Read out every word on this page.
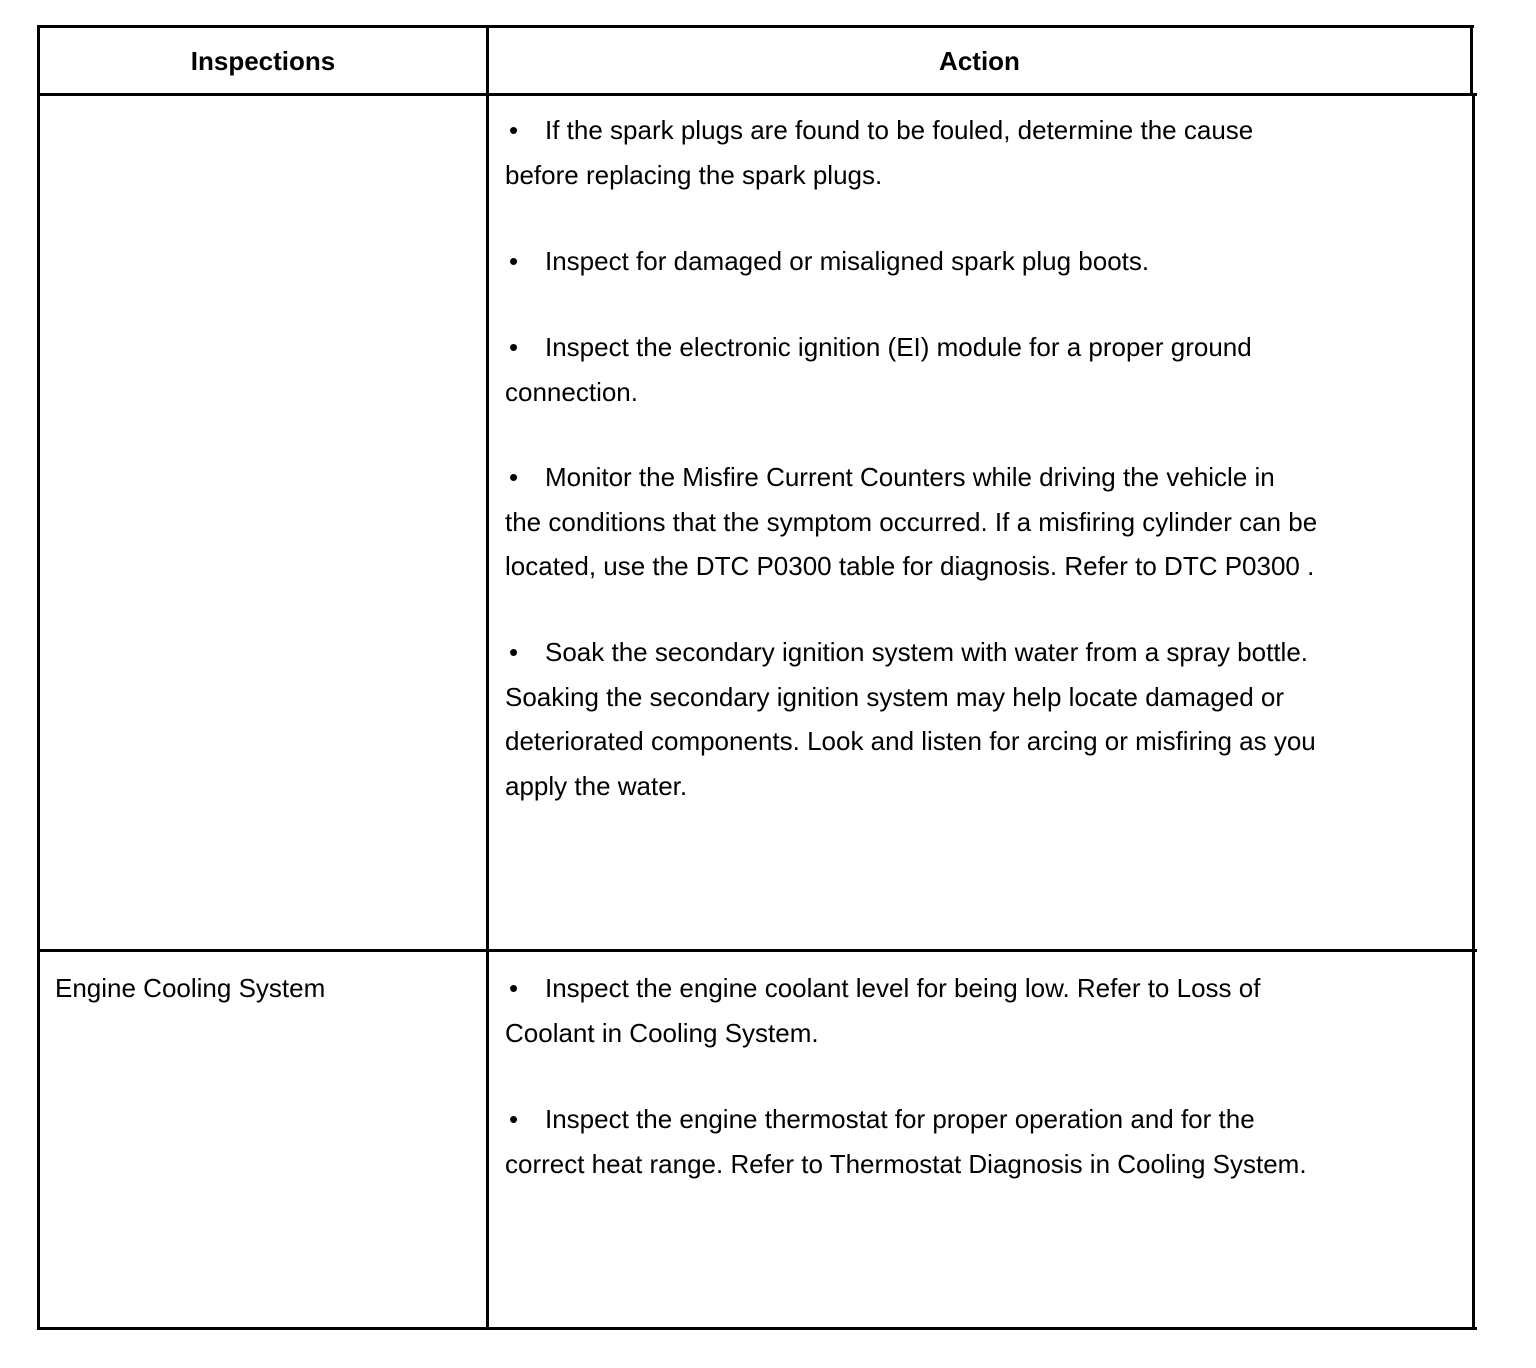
Inspections	Action
• If the spark plugs are found to be fouled, determine the cause
before replacing the spark plugs.
• Inspect for damaged or misaligned spark plug boots.
• Inspect the electronic ignition (EI) module for a proper ground
connection.
• Monitor the Misfire Current Counters while driving the vehicle in
the conditions that the symptom occurred. If a misfiring cylinder can be located, use the DTC P0300 table for diagnosis. Refer to DTC P0300 .
• Soak the secondary ignition system with water from a spray bottle.
Soaking the secondary ignition system may help locate damaged or deteriorated components. Look and listen for arcing or misfiring as you apply the water.
Engine Cooling System	• Inspect the engine coolant level for being low. Refer to Loss of
Coolant in Cooling System.
• Inspect the engine thermostat for proper operation and for the
correct heat range. Refer to Thermostat Diagnosis in Cooling System.
